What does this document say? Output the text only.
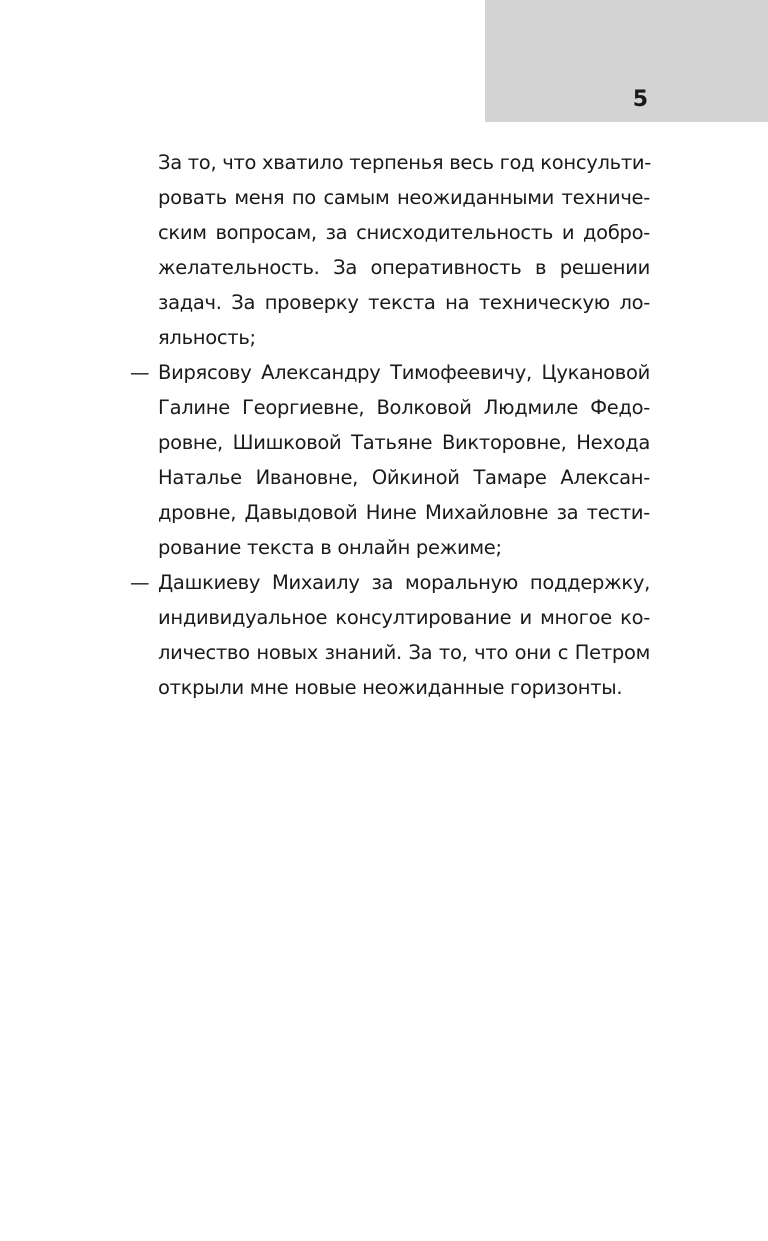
5
За то, что хватило терпенья весь год консульти-
ровать меня по самым неожиданными техниче-
ским вопросам, за снисходительность и добро-
желательность. За оперативность в решении
задач. За проверку текста на техническую ло-
яльность;
— Вирясову Александру Тимофеевичу, Цукановой
Галине Георгиевне, Волковой Людмиле Федо-
ровне, Шишковой Татьяне Викторовне, Нехода
Наталье Ивановне, Ойкиной Тамаре Алексан-
дровне, Давыдовой Нине Михайловне за тести-
рование текста в онлайн режиме;
— Дашкиеву Михаилу за моральную поддержку,
индивидуальное консултирование и многое ко-
личество новых знаний. За то, что они с Петром
открыли мне новые неожиданные горизонты.
